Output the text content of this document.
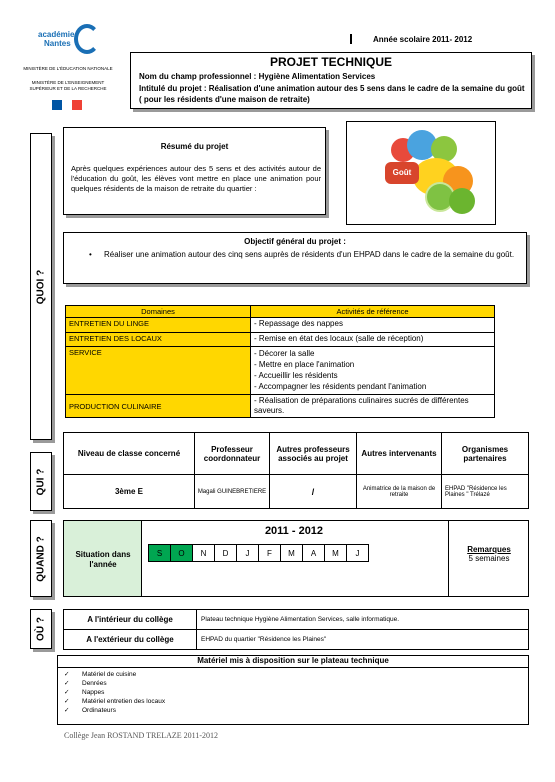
académie
Nantes
MINISTÈRE DE L'ÉDUCATION NATIONALE
MINISTÈRE DE L'ENSEIGNEMENT SUPÉRIEUR ET DE LA RECHERCHE
Année scolaire 2011- 2012
PROJET TECHNIQUE
Nom du champ professionnel : Hygiène Alimentation Services
Intitulé du projet : Réalisation d'une animation autour des 5 sens dans le cadre de la semaine du goût ( pour les résidents d'une maison de retraite)
QUOI ?
QUI ?
QUAND ?
OÙ ?
Résumé du projet
Après quelques expériences autour des 5 sens et des activités autour de l'éducation du goût, les élèves vont mettre en place une animation pour quelques résidents de la maison de retraite du quartier :
Goût
Objectif général du projet :
• Réaliser une animation autour des cinq sens auprès de résidents d'un EHPAD dans le cadre de la semaine du goût.
Domaines	Activités de référence
ENTRETIEN DU LINGE	- Repassage des nappes

ENTRETIEN DES LOCAUX	- Remise en état des locaux (salle de réception)

SERVICE	- Décorer la salle
- Mettre en place l'animation
- Accueillir les résidents
- Accompagner les résidents pendant l'animation

PRODUCTION CULINAIRE	- Réalisation de préparations culinaires sucrés de différentes saveurs.
Niveau de classe concerné	Professeur coordonnateur	Autres professeurs associés au projet	Autres intervenants	Organismes partenaires
3ème E	Magali GUINEBRETIERE	/	Animatrice de la maison de retraite	EHPAD "Résidence les Plaines " Trélazé
Situation dans l'année
2011 - 2012
S	O	N	D	J	F	M	A	M	J	Remarques
5 semaines
A l'intérieur du collège	Plateau technique Hygiène Alimentation Services, salle informatique.
A l'extérieur du collège	EHPAD du quartier "Résidence les Plaines"
Matériel mis à disposition sur le plateau technique
✓ Matériel de cuisine
✓ Denrées
✓ Nappes
✓ Matériel entretien des locaux
✓ Ordinateurs
Collège Jean ROSTAND TRELAZE 2011-2012
